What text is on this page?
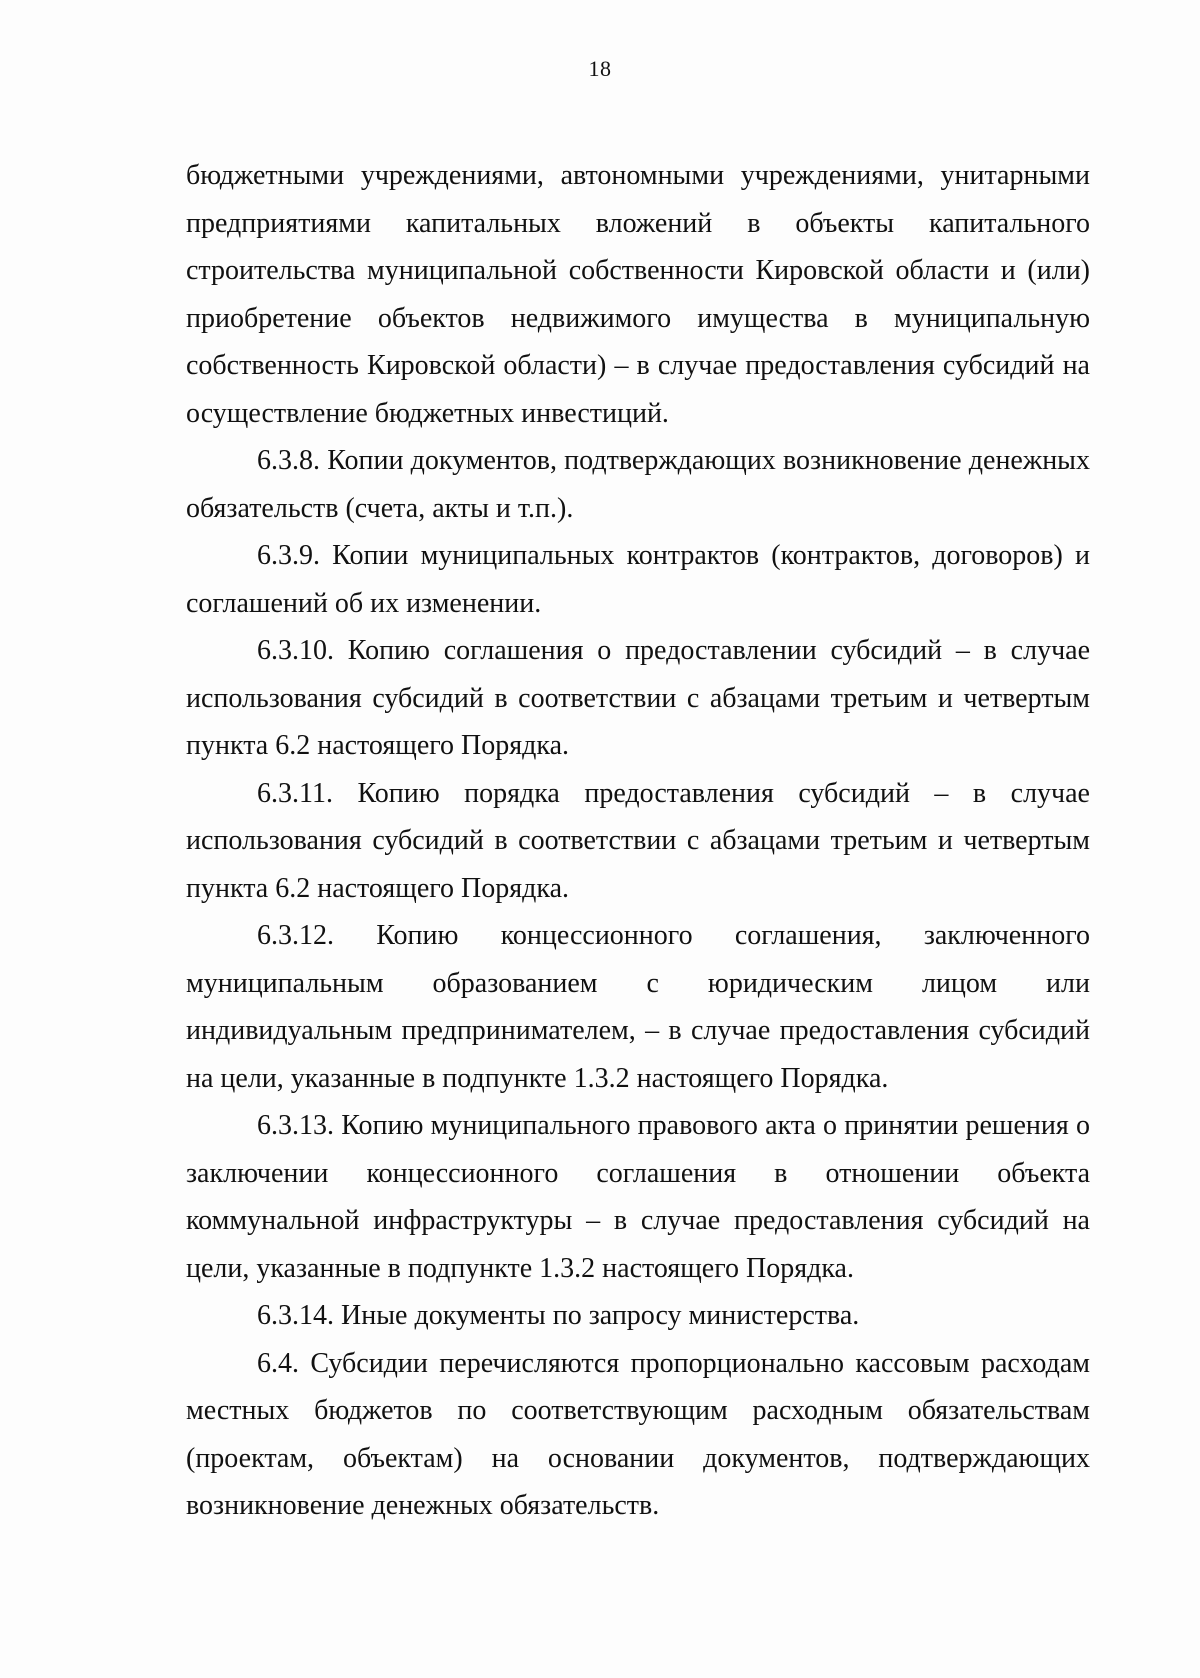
18

бюджетными учреждениями, автономными учреждениями, унитарными предприятиями капитальных вложений в объекты капитального строительства муниципальной собственности Кировской области и (или) приобретение объектов недвижимого имущества в муниципальную собственность Кировской области) – в случае предоставления субсидий на осуществление бюджетных инвестиций.

6.3.8. Копии документов, подтверждающих возникновение денежных обязательств (счета, акты и т.п.).

6.3.9. Копии муниципальных контрактов (контрактов, договоров) и соглашений об их изменении.

6.3.10. Копию соглашения о предоставлении субсидий – в случае использования субсидий в соответствии с абзацами третьим и четвертым пункта 6.2 настоящего Порядка.

6.3.11. Копию порядка предоставления субсидий – в случае использования субсидий в соответствии с абзацами третьим и четвертым пункта 6.2 настоящего Порядка.

6.3.12. Копию концессионного соглашения, заключенного муниципальным образованием с юридическим лицом или индивидуальным предпринимателем, – в случае предоставления субсидий на цели, указанные в подпункте 1.3.2 настоящего Порядка.

6.3.13. Копию муниципального правового акта о принятии решения о заключении концессионного соглашения в отношении объекта коммунальной инфраструктуры – в случае предоставления субсидий на цели, указанные в подпункте 1.3.2 настоящего Порядка.

6.3.14. Иные документы по запросу министерства.

6.4. Субсидии перечисляются пропорционально кассовым расходам местных бюджетов по соответствующим расходным обязательствам (проектам, объектам) на основании документов, подтверждающих возникновение денежных обязательств.
